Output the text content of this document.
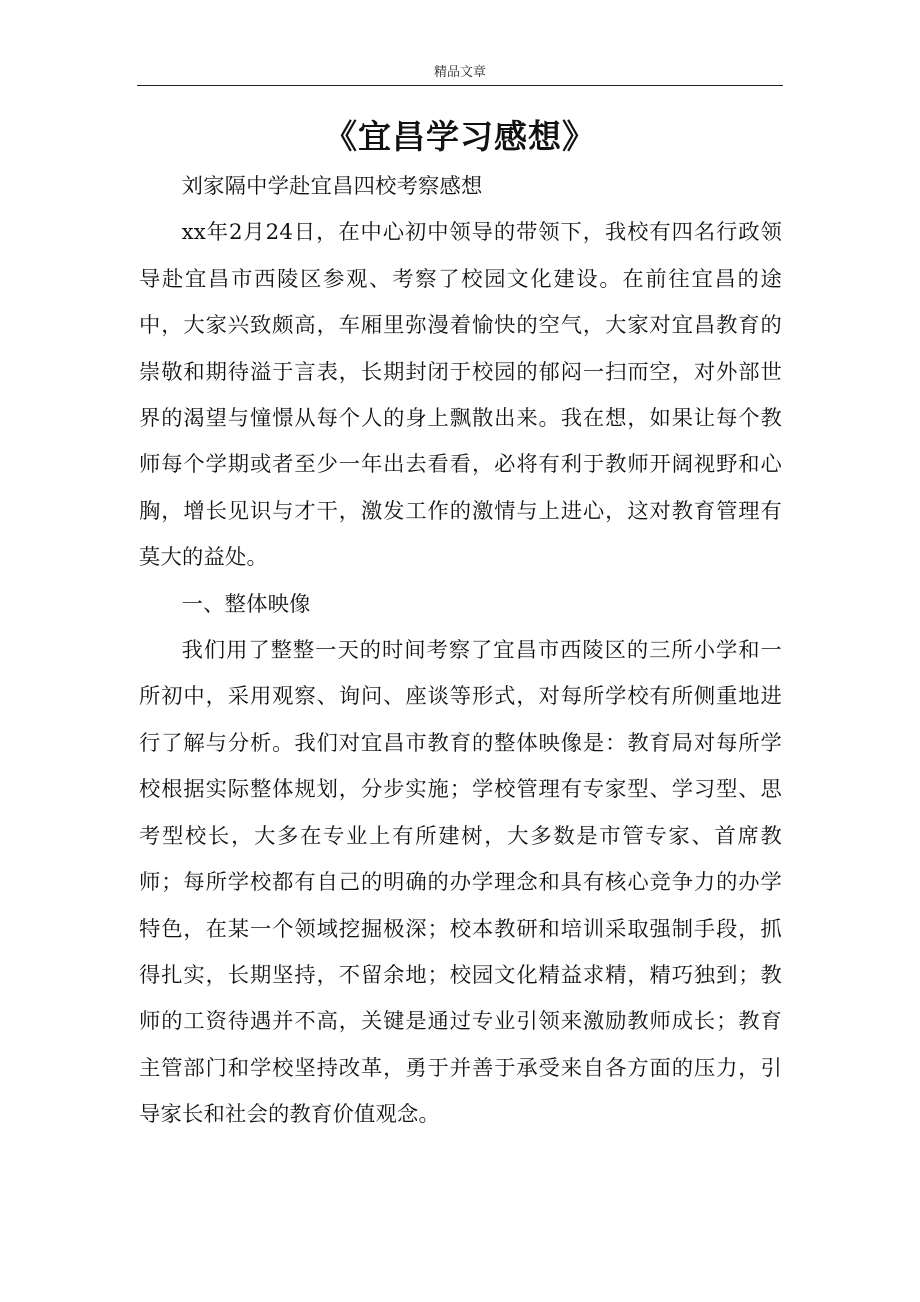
精品文章
《宜昌学习感想》

刘家隔中学赴宜昌四校考察感想

xx年2月24日，在中心初中领导的带领下，我校有四名行政领导赴宜昌市西陵区参观、考察了校园文化建设。在前往宜昌的途中，大家兴致颇高，车厢里弥漫着愉快的空气，大家对宜昌教育的崇敬和期待溢于言表，长期封闭于校园的郁闷一扫而空，对外部世界的渴望与憧憬从每个人的身上飘散出来。我在想，如果让每个教师每个学期或者至少一年出去看看，必将有利于教师开阔视野和心胸，增长见识与才干，激发工作的激情与上进心，这对教育管理有莫大的益处。

一、整体映像

我们用了整整一天的时间考察了宜昌市西陵区的三所小学和一所初中，采用观察、询问、座谈等形式，对每所学校有所侧重地进行了解与分析。我们对宜昌市教育的整体映像是：教育局对每所学校根据实际整体规划，分步实施；学校管理有专家型、学习型、思考型校长，大多在专业上有所建树，大多数是市管专家、首席教师；每所学校都有自己的明确的办学理念和具有核心竞争力的办学特色，在某一个领域挖掘极深；校本教研和培训采取强制手段，抓得扎实，长期坚持，不留余地；校园文化精益求精，精巧独到；教师的工资待遇并不高，关键是通过专业引领来激励教师成长；教育主管部门和学校坚持改革，勇于并善于承受来自各方面的压力，引导家长和社会的教育价值观念。
